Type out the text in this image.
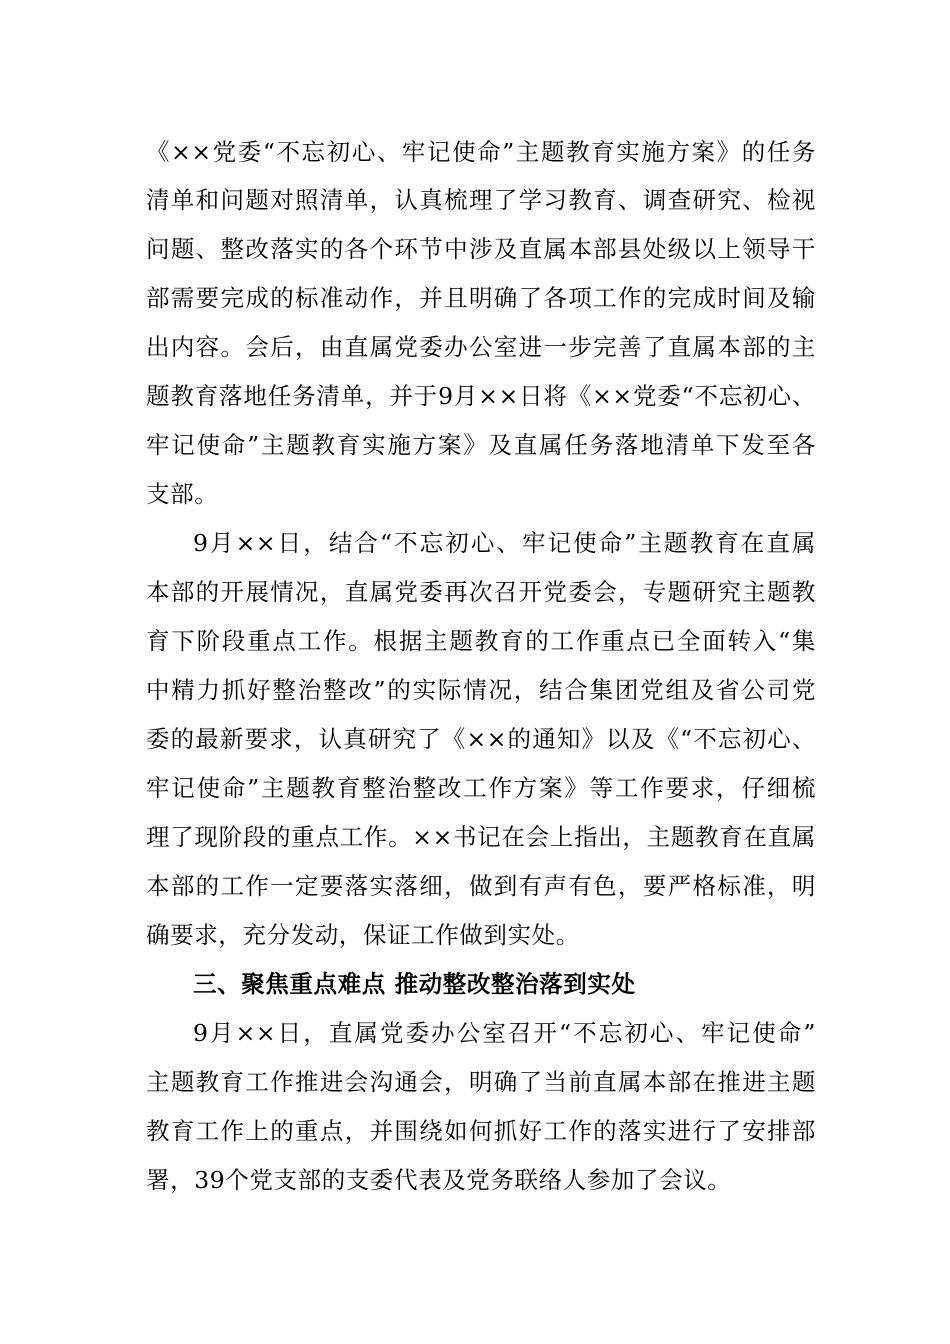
《××党委“不忘初心、牢记使命”主题教育实施方案》的任务
清单和问题对照清单，认真梳理了学习教育、调查研究、检视
问题、整改落实的各个环节中涉及直属本部县处级以上领导干
部需要完成的标准动作，并且明确了各项工作的完成时间及输
出内容。会后，由直属党委办公室进一步完善了直属本部的主
题教育落地任务清单，并于9月××日将《××党委“不忘初心、
牢记使命”主题教育实施方案》及直属任务落地清单下发至各
支部。
9月××日，结合“不忘初心、牢记使命”主题教育在直属
本部的开展情况，直属党委再次召开党委会，专题研究主题教
育下阶段重点工作。根据主题教育的工作重点已全面转入“集
中精力抓好整治整改”的实际情况，结合集团党组及省公司党
委的最新要求，认真研究了《××的通知》以及《“不忘初心、
牢记使命”主题教育整治整改工作方案》等工作要求，仔细梳
理了现阶段的重点工作。××书记在会上指出，主题教育在直属
本部的工作一定要落实落细，做到有声有色，要严格标准，明
确要求，充分发动，保证工作做到实处。
三、聚焦重点难点 推动整改整治落到实处
9月××日，直属党委办公室召开“不忘初心、牢记使命”
主题教育工作推进会沟通会，明确了当前直属本部在推进主题
教育工作上的重点，并围绕如何抓好工作的落实进行了安排部
署，39个党支部的支委代表及党务联络人参加了会议。
